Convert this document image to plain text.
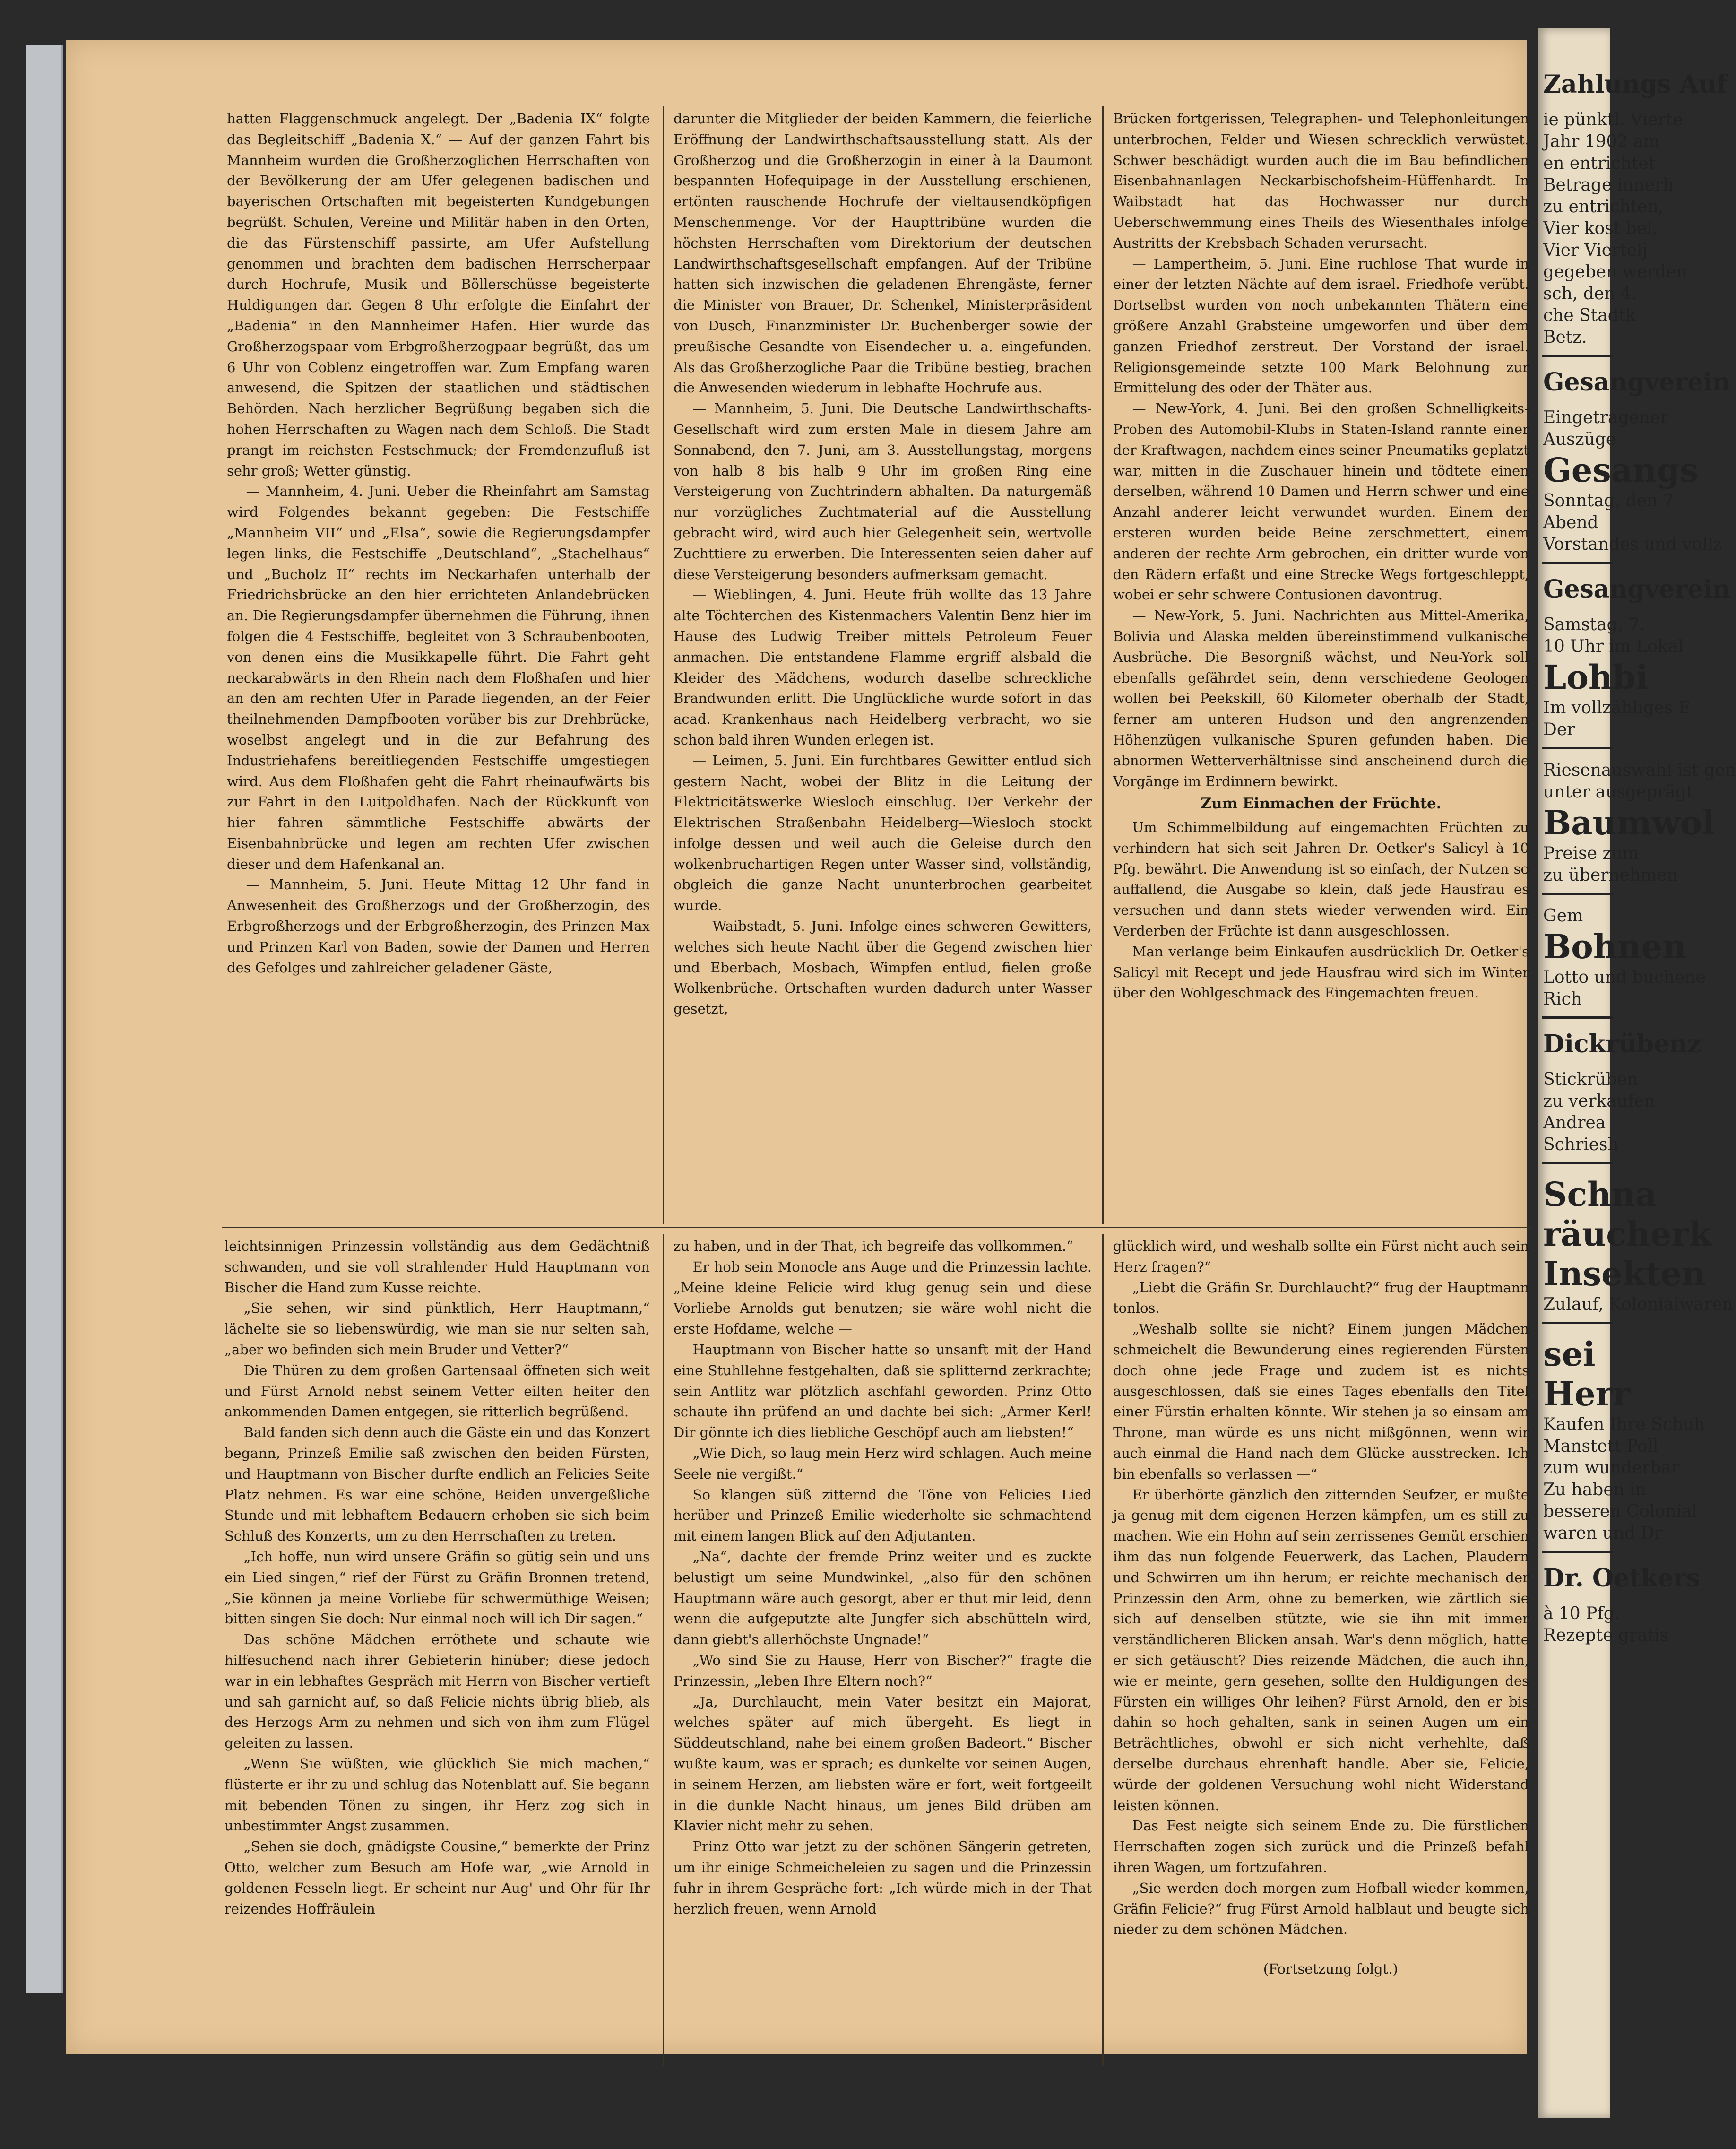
hatten Flaggenschmuck angelegt. Der „Badenia IX“ folgte das Begleitschiff „Badenia X.“ — Auf der ganzen Fahrt bis Mannheim wurden die Großherzoglichen Herrschaften von der Bevölkerung der am Ufer gelegenen badischen und bayerischen Ortschaften mit begeisterten Kundgebungen begrüßt. Schulen, Vereine und Militär haben in den Orten, die das Fürstenschiff passirte, am Ufer Aufstellung genommen und brachten dem badischen Herrscherpaar durch Hochrufe, Musik und Böllerschüsse begeisterte Huldigungen dar. Gegen 8 Uhr erfolgte die Einfahrt der „Badenia“ in den Mannheimer Hafen. Hier wurde das Großherzogspaar vom Erbgroßherzogpaar begrüßt, das um 6 Uhr von Coblenz eingetroffen war. Zum Empfang waren anwesend, die Spitzen der staatlichen und städtischen Behörden. Nach herzlicher Begrüßung begaben sich die hohen Herrschaften zu Wagen nach dem Schloß. Die Stadt prangt im reichsten Festschmuck; der Fremdenzufluß ist sehr groß; Wetter günstig.

— Mannheim, 4. Juni. Ueber die Rheinfahrt am Samstag wird Folgendes bekannt gegeben: Die Festschiffe „Mannheim VII“ und „Elsa“, sowie die Regierungsdampfer legen links, die Festschiffe „Deutschland“, „Stachelhaus“ und „Bucholz II“ rechts im Neckarhafen unterhalb der Friedrichsbrücke an den hier errichteten Anlandebrücken an. Die Regierungsdampfer übernehmen die Führung, ihnen folgen die 4 Festschiffe, begleitet von 3 Schraubenbooten, von denen eins die Musikkapelle führt. Die Fahrt geht neckarabwärts in den Rhein nach dem Floßhafen und hier an den am rechten Ufer in Parade liegenden, an der Feier theilnehmenden Dampfbooten vorüber bis zur Drehbrücke, woselbst angelegt und in die zur Befahrung des Industriehafens bereitliegenden Festschiffe umgestiegen wird. Aus dem Floßhafen geht die Fahrt rheinaufwärts bis zur Fahrt in den Luitpoldhafen. Nach der Rückkunft von hier fahren sämmtliche Festschiffe abwärts der Eisenbahnbrücke und legen am rechten Ufer zwischen dieser und dem Hafenkanal an.

— Mannheim, 5. Juni. Heute Mittag 12 Uhr fand in Anwesenheit des Großherzogs und der Großherzogin, des Erbgroßherzogs und der Erbgroßherzogin, des Prinzen Max und Prinzen Karl von Baden, sowie der Damen und Herren des Gefolges und zahlreicher geladener Gäste,

darunter die Mitglieder der beiden Kammern, die feierliche Eröffnung der Landwirthschaftsausstellung statt. Als der Großherzog und die Großherzogin in einer à la Daumont bespannten Hofequipage in der Ausstellung erschienen, ertönten rauschende Hochrufe der vieltausendköpfigen Menschenmenge. Vor der Haupttribüne wurden die höchsten Herrschaften vom Direktorium der deutschen Landwirthschaftsgesellschaft empfangen. Auf der Tribüne hatten sich inzwischen die geladenen Ehrengäste, ferner die Minister von Brauer, Dr. Schenkel, Ministerpräsident von Dusch, Finanzminister Dr. Buchenberger sowie der preußische Gesandte von Eisendecher u. a. eingefunden. Als das Großherzogliche Paar die Tribüne bestieg, brachen die Anwesenden wiederum in lebhafte Hochrufe aus.

— Mannheim, 5. Juni. Die Deutsche Landwirthschafts-Gesellschaft wird zum ersten Male in diesem Jahre am Sonnabend, den 7. Juni, am 3. Ausstellungstag, morgens von halb 8 bis halb 9 Uhr im großen Ring eine Versteigerung von Zuchtrindern abhalten. Da naturgemäß nur vorzügliches Zuchtmaterial auf die Ausstellung gebracht wird, wird auch hier Gelegenheit sein, wertvolle Zuchttiere zu erwerben. Die Interessenten seien daher auf diese Versteigerung besonders aufmerksam gemacht.

— Wieblingen, 4. Juni. Heute früh wollte das 13 Jahre alte Töchterchen des Kistenmachers Valentin Benz hier im Hause des Ludwig Treiber mittels Petroleum Feuer anmachen. Die entstandene Flamme ergriff alsbald die Kleider des Mädchens, wodurch daselbe schreckliche Brandwunden erlitt. Die Unglückliche wurde sofort in das acad. Krankenhaus nach Heidelberg verbracht, wo sie schon bald ihren Wunden erlegen ist.

— Leimen, 5. Juni. Ein furchtbares Gewitter entlud sich gestern Nacht, wobei der Blitz in die Leitung der Elektricitätswerke Wiesloch einschlug. Der Verkehr der Elektrischen Straßenbahn Heidelberg—Wiesloch stockt infolge dessen und weil auch die Geleise durch den wolkenbruchartigen Regen unter Wasser sind, vollständig, obgleich die ganze Nacht ununterbrochen gearbeitet wurde.

— Waibstadt, 5. Juni. Infolge eines schweren Gewitters, welches sich heute Nacht über die Gegend zwischen hier und Eberbach, Mosbach, Wimpfen entlud, fielen große Wolkenbrüche. Ortschaften wurden dadurch unter Wasser gesetzt,

Brücken fortgerissen, Telegraphen- und Telephonleitungen unterbrochen, Felder und Wiesen schrecklich verwüstet. Schwer beschädigt wurden auch die im Bau befindlichen Eisenbahnanlagen Neckarbischofsheim-Hüffenhardt. In Waibstadt hat das Hochwasser nur durch Ueberschwemmung eines Theils des Wiesenthales infolge Austritts der Krebsbach Schaden verursacht.

— Lampertheim, 5. Juni. Eine ruchlose That wurde in einer der letzten Nächte auf dem israel. Friedhofe verübt. Dortselbst wurden von noch unbekannten Thätern eine größere Anzahl Grabsteine umgeworfen und über dem ganzen Friedhof zerstreut. Der Vorstand der israel. Religionsgemeinde setzte 100 Mark Belohnung zur Ermittelung des oder der Thäter aus.

— New-York, 4. Juni. Bei den großen Schnelligkeits-Proben des Automobil-Klubs in Staten-Island rannte einer der Kraftwagen, nachdem eines seiner Pneumatiks geplatzt war, mitten in die Zuschauer hinein und tödtete einen derselben, während 10 Damen und Herrn schwer und eine Anzahl anderer leicht verwundet wurden. Einem der ersteren wurden beide Beine zerschmettert, einem anderen der rechte Arm gebrochen, ein dritter wurde von den Rädern erfaßt und eine Strecke Wegs fortgeschleppt, wobei er sehr schwere Contusionen davontrug.

— New-York, 5. Juni. Nachrichten aus Mittel-Amerika, Bolivia und Alaska melden übereinstimmend vulkanische Ausbrüche. Die Besorgniß wächst, und Neu-York soll ebenfalls gefährdet sein, denn verschiedene Geologen wollen bei Peekskill, 60 Kilometer oberhalb der Stadt, ferner am unteren Hudson und den angrenzenden Höhenzügen vulkanische Spuren gefunden haben. Die abnormen Wetterverhältnisse sind anscheinend durch die Vorgänge im Erdinnern bewirkt.

Zum Einmachen der Früchte.

Um Schimmelbildung auf eingemachten Früchten zu verhindern hat sich seit Jahren Dr. Oetker's Salicyl à 10 Pfg. bewährt. Die Anwendung ist so einfach, der Nutzen so auffallend, die Ausgabe so klein, daß jede Hausfrau es versuchen und dann stets wieder verwenden wird. Ein Verderben der Früchte ist dann ausgeschlossen.

Man verlange beim Einkaufen ausdrücklich Dr. Oetker's Salicyl mit Recept und jede Hausfrau wird sich im Winter über den Wohlgeschmack des Eingemachten freuen.

leichtsinnigen Prinzessin vollständig aus dem Gedächtniß schwanden, und sie voll strahlender Huld Hauptmann von Bischer die Hand zum Kusse reichte.

„Sie sehen, wir sind pünktlich, Herr Hauptmann,“ lächelte sie so liebenswürdig, wie man sie nur selten sah, „aber wo befinden sich mein Bruder und Vetter?“

Die Thüren zu dem großen Gartensaal öffneten sich weit und Fürst Arnold nebst seinem Vetter eilten heiter den ankommenden Damen entgegen, sie ritterlich begrüßend.

Bald fanden sich denn auch die Gäste ein und das Konzert begann, Prinzeß Emilie saß zwischen den beiden Fürsten, und Hauptmann von Bischer durfte endlich an Felicies Seite Platz nehmen. Es war eine schöne, Beiden unvergeßliche Stunde und mit lebhaftem Bedauern erhoben sie sich beim Schluß des Konzerts, um zu den Herrschaften zu treten.

„Ich hoffe, nun wird unsere Gräfin so gütig sein und uns ein Lied singen,“ rief der Fürst zu Gräfin Bronnen tretend, „Sie können ja meine Vorliebe für schwermüthige Weisen; bitten singen Sie doch: Nur einmal noch will ich Dir sagen.“

Das schöne Mädchen erröthete und schaute wie hilfesuchend nach ihrer Gebieterin hinüber; diese jedoch war in ein lebhaftes Gespräch mit Herrn von Bischer vertieft und sah garnicht auf, so daß Felicie nichts übrig blieb, als des Herzogs Arm zu nehmen und sich von ihm zum Flügel geleiten zu lassen.

„Wenn Sie wüßten, wie glücklich Sie mich machen,“ flüsterte er ihr zu und schlug das Notenblatt auf. Sie begann mit bebenden Tönen zu singen, ihr Herz zog sich in unbestimmter Angst zusammen.

„Sehen sie doch, gnädigste Cousine,“ bemerkte der Prinz Otto, welcher zum Besuch am Hofe war, „wie Arnold in goldenen Fesseln liegt. Er scheint nur Aug' und Ohr für Ihr reizendes Hoffräulein

zu haben, und in der That, ich begreife das vollkommen.“

Er hob sein Monocle ans Auge und die Prinzessin lachte. „Meine kleine Felicie wird klug genug sein und diese Vorliebe Arnolds gut benutzen; sie wäre wohl nicht die erste Hofdame, welche —

Hauptmann von Bischer hatte so unsanft mit der Hand eine Stuhllehne festgehalten, daß sie splitternd zerkrachte; sein Antlitz war plötzlich aschfahl geworden. Prinz Otto schaute ihn prüfend an und dachte bei sich: „Armer Kerl! Dir gönnte ich dies liebliche Geschöpf auch am liebsten!“

„Wie Dich, so laug mein Herz wird schlagen. Auch meine Seele nie vergißt.“

So klangen süß zitternd die Töne von Felicies Lied herüber und Prinzeß Emilie wiederholte sie schmachtend mit einem langen Blick auf den Adjutanten.

„Na“, dachte der fremde Prinz weiter und es zuckte belustigt um seine Mundwinkel, „also für den schönen Hauptmann wäre auch gesorgt, aber er thut mir leid, denn wenn die aufgeputzte alte Jungfer sich abschütteln wird, dann giebt's allerhöchste Ungnade!“

„Wo sind Sie zu Hause, Herr von Bischer?“ fragte die Prinzessin, „leben Ihre Eltern noch?“

„Ja, Durchlaucht, mein Vater besitzt ein Majorat, welches später auf mich übergeht. Es liegt in Süddeutschland, nahe bei einem großen Badeort.“ Bischer wußte kaum, was er sprach; es dunkelte vor seinen Augen, in seinem Herzen, am liebsten wäre er fort, weit fortgeeilt in die dunkle Nacht hinaus, um jenes Bild drüben am Klavier nicht mehr zu sehen.

Prinz Otto war jetzt zu der schönen Sängerin getreten, um ihr einige Schmeicheleien zu sagen und die Prinzessin fuhr in ihrem Gespräche fort: „Ich würde mich in der That herzlich freuen, wenn Arnold

glücklich wird, und weshalb sollte ein Fürst nicht auch sein Herz fragen?“

„Liebt die Gräfin Sr. Durchlaucht?“ frug der Hauptmann tonlos.

„Weshalb sollte sie nicht? Einem jungen Mädchen schmeichelt die Bewunderung eines regierenden Fürsten doch ohne jede Frage und zudem ist es nichts ausgeschlossen, daß sie eines Tages ebenfalls den Titel einer Fürstin erhalten könnte. Wir stehen ja so einsam am Throne, man würde es uns nicht mißgönnen, wenn wir auch einmal die Hand nach dem Glücke ausstrecken. Ich bin ebenfalls so verlassen —“

Er überhörte gänzlich den zitternden Seufzer, er mußte ja genug mit dem eigenen Herzen kämpfen, um es still zu machen. Wie ein Hohn auf sein zerrissenes Gemüt erschien ihm das nun folgende Feuerwerk, das Lachen, Plaudern und Schwirren um ihn herum; er reichte mechanisch der Prinzessin den Arm, ohne zu bemerken, wie zärtlich sie sich auf denselben stützte, wie sie ihn mit immer verständlicheren Blicken ansah. War's denn möglich, hatte er sich getäuscht? Dies reizende Mädchen, die auch ihn, wie er meinte, gern gesehen, sollte den Huldigungen des Fürsten ein williges Ohr leihen? Fürst Arnold, den er bis dahin so hoch gehalten, sank in seinen Augen um ein Beträchtliches, obwohl er sich nicht verhehlte, daß derselbe durchaus ehrenhaft handle. Aber sie, Felicie, würde der goldenen Versuchung wohl nicht Widerstand leisten können.

Das Fest neigte sich seinem Ende zu. Die fürstlichen Herrschaften zogen sich zurück und die Prinzeß befahl ihren Wagen, um fortzufahren.

„Sie werden doch morgen zum Hofball wieder kommen, Gräfin Felicie?“ frug Fürst Arnold halblaut und beugte sich nieder zu dem schönen Mädchen.

(Fortsetzung folgt.)

Zahlungs Auf
ie pünktl. Vierte
Jahr 1902 am
en entrichtet
Betrage innerh
zu entrichten,
Vier kost bei,
Vier Viertelj
gegeben werden
sch, den 4.
che Stadtk
Betz.
Gesangverein
Eingetragener
Auszüge
Gesangs
Sonntag, den 7
Abend
Vorstandes und vollz
Gesangverein
Samstag, 7.
10 Uhr im Lokal
Lohbi
Im vollzähliges E
Der
Riesenauswahl ist gen
unter ausgeprägt
Baumwol
Preise zum
zu übernehmen
Gem
Bohnen
Lotto und buchene
Rich
Dickrübenz
Stickrüben
zu verkaufen
Andrea
Schriesh
Schna
räucherk
Insekten
Zulauf, Kolonialwaren
sei
Herr
Kaufen Ihre Schuh
Manstett Poll
zum wunderbar
Zu haben in
besseren Colonial
waren und Dr
Dr. Oetkers
à 10 Pfg.
Rezepte gratis
